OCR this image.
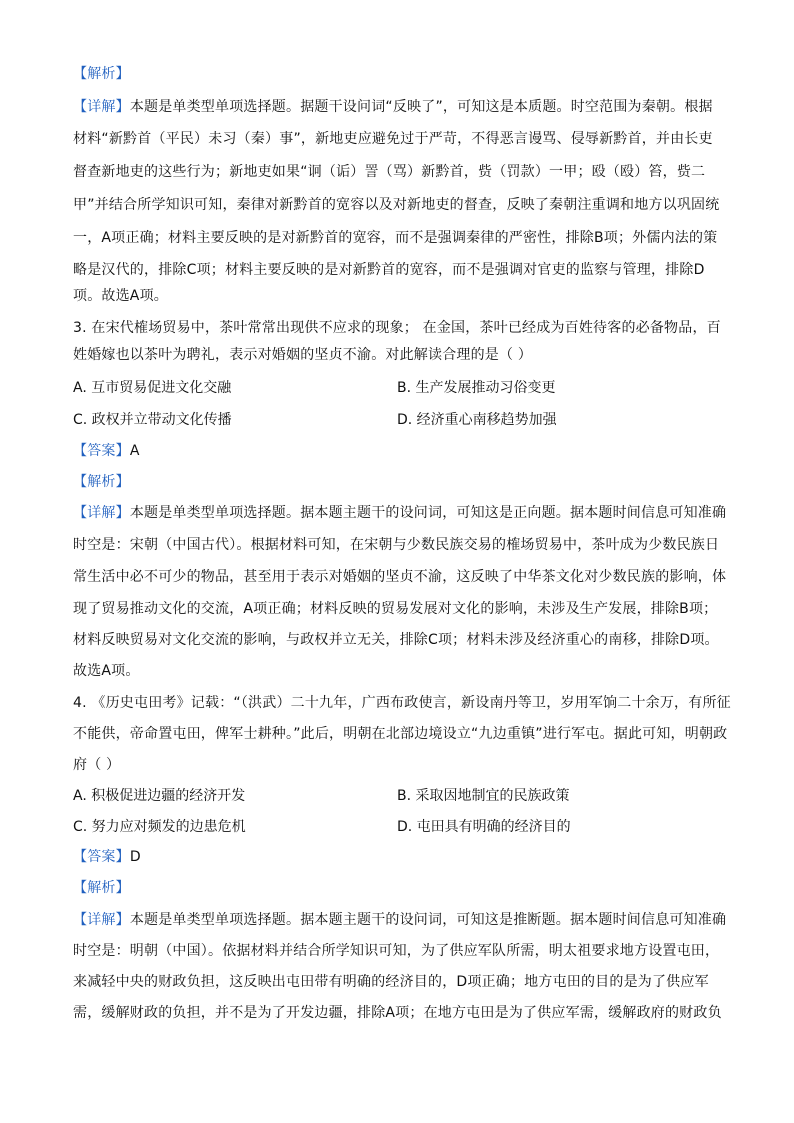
【解析】
【详解】本题是单类型单项选择题。据题干设问词“反映了”，可知这是本质题。时空范围为秦朝。根据
材料“新黔首（平民）未习（秦）事”，新地吏应避免过于严苛，不得恶言谩骂、侵辱新黔首，并由长吏
督查新地吏的这些行为；新地吏如果“诇（诟）詈（骂）新黔首，赀（罚款）一甲；殴（殴）笞，赀二
甲”并结合所学知识可知，秦律对新黔首的宽容以及对新地吏的督查，反映了秦朝注重调和地方以巩固统
一，A项正确；材料主要反映的是对新黔首的宽容，而不是强调秦律的严密性，排除B项；外儒内法的策
略是汉代的，排除C项；材料主要反映的是对新黔首的宽容，而不是强调对官吏的监察与管理，排除D
项。故选A项。
3. 在宋代榷场贸易中，茶叶常常出现供不应求的现象； 在金国，茶叶已经成为百姓待客的必备物品，百
姓婚嫁也以茶叶为聘礼，表示对婚姻的坚贞不渝。对此解读合理的是（ ）
A. 互市贸易促进文化交融	B. 生产发展推动习俗变更
C. 政权并立带动文化传播	D. 经济重心南移趋势加强
【答案】A
【解析】
【详解】本题是单类型单项选择题。据本题主题干的设问词，可知这是正向题。据本题时间信息可知准确
时空是：宋朝（中国古代）。根据材料可知，在宋朝与少数民族交易的榷场贸易中，茶叶成为少数民族日
常生活中必不可少的物品，甚至用于表示对婚姻的坚贞不渝，这反映了中华茶文化对少数民族的影响，体
现了贸易推动文化的交流，A项正确；材料反映的贸易发展对文化的影响，未涉及生产发展，排除B项；
材料反映贸易对文化交流的影响，与政权并立无关，排除C项；材料未涉及经济重心的南移，排除D项。
故选A项。
4. 《历史屯田考》记载：“（洪武）二十九年，广西布政使言，新设南丹等卫，岁用军饷二十余万，有所征
不能供，帝命置屯田，俾军士耕种。”此后，明朝在北部边境设立“九边重镇”进行军屯。据此可知，明朝政
府（ ）
A. 积极促进边疆的经济开发	B. 采取因地制宜的民族政策
C. 努力应对频发的边患危机	D. 屯田具有明确的经济目的
【答案】D
【解析】
【详解】本题是单类型单项选择题。据本题主题干的设问词，可知这是推断题。据本题时间信息可知准确
时空是：明朝（中国）。依据材料并结合所学知识可知，为了供应军队所需，明太祖要求地方设置屯田，
来减轻中央的财政负担，这反映出屯田带有明确的经济目的，D项正确；地方屯田的目的是为了供应军
需，缓解财政的负担，并不是为了开发边疆，排除A项；在地方屯田是为了供应军需，缓解政府的财政负
